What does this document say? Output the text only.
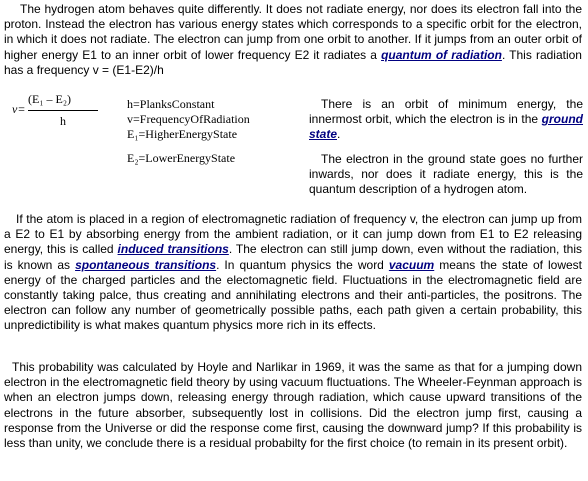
The hydrogen atom behaves quite differently. It does not radiate energy, nor does its electron fall into the proton. Instead the electron has various energy states which corresponds to a specific orbit for the electron, in which it does not radiate. The electron can jump from one orbit to another. If it jumps from an outer orbit of higher energy E1 to an inner orbit of lower frequency E2 it radiates a quantum of radiation. This radiation has a frequency v = (E1-E2)/h

v=
(E₁ – E₂)
h
h=PlanksConstant
v=FrequencyOfRadiation
E₁=HigherEnergyState
E₂=LowerEnergyState

There is an orbit of minimum energy, the innermost orbit, which the electron is in the ground state.

The electron in the ground state goes no further inwards, nor does it radiate energy, this is the quantum description of a hydrogen atom.

If the atom is placed in a region of electromagnetic radiation of frequency v, the electron can jump up from a E2 to E1 by absorbing energy from the ambient radiation, or it can jump down from E1 to E2 releasing energy, this is called induced transitions. The electron can still jump down, even without the radiation, this is known as spontaneous transitions. In quantum physics the word vacuum means the state of lowest energy of the charged particles and the electomagnetic field. Fluctuations in the electromagnetic field are constantly taking palce, thus creating and annihilating electrons and their anti-particles, the positrons. The electron can follow any number of geometrically possible paths, each path given a certain probability, this unpredictibility is what makes quantum physics more rich in its effects.

This probability was calculated by Hoyle and Narlikar in 1969, it was the same as that for a jumping down electron in the electromagnetic field theory by using vacuum fluctuations. The Wheeler-Feynman approach is when an electron jumps down, releasing energy through radiation, which cause upward transitions of the electrons in the future absorber, subsequently lost in collisions. Did the electron jump first, causing a response from the Universe or did the response come first, causing the downward jump? If this probability is less than unity, we conclude there is a residual probabilty for the first choice (to remain in its present orbit).
